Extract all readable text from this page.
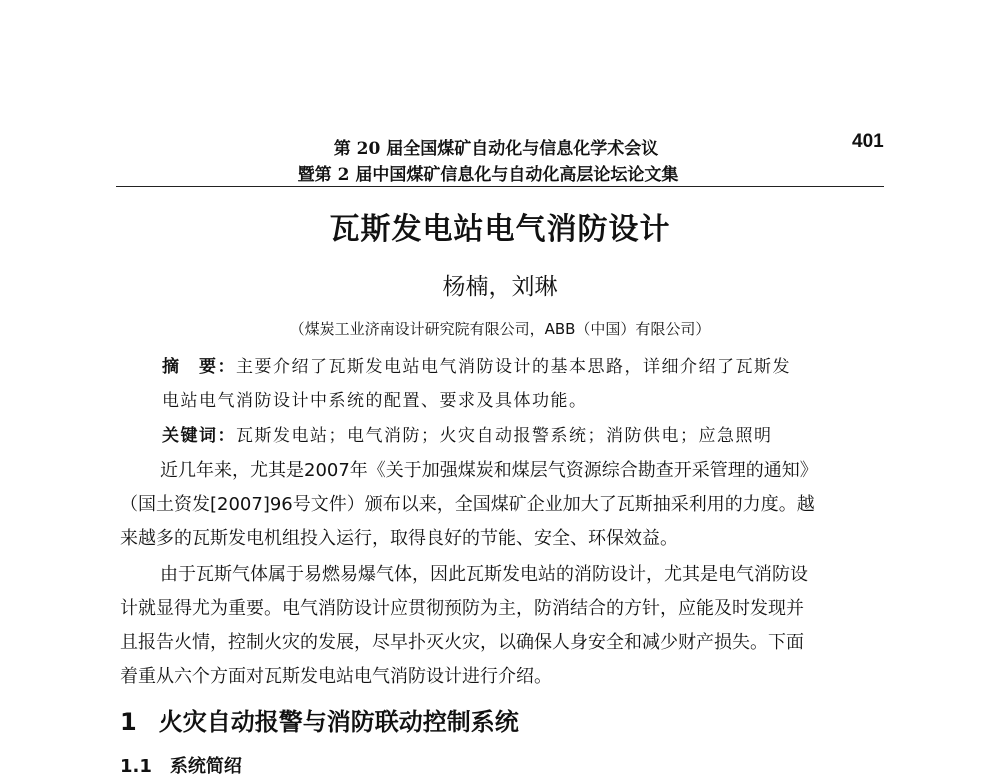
第 20 届全国煤矿自动化与信息化学术会议
暨第 2 届中国煤矿信息化与自动化高层论坛论文集
401
瓦斯发电站电气消防设计
杨楠，刘琳
（煤炭工业济南设计研究院有限公司，ABB（中国）有限公司）
摘　要：主要介绍了瓦斯发电站电气消防设计的基本思路，详细介绍了瓦斯发
电站电气消防设计中系统的配置、要求及具体功能。
关键词：瓦斯发电站；电气消防；火灾自动报警系统；消防供电；应急照明
近几年来，尤其是2007年《关于加强煤炭和煤层气资源综合勘查开采管理的通知》
（国土资发[2007]96号文件）颁布以来，全国煤矿企业加大了瓦斯抽采利用的力度。越
来越多的瓦斯发电机组投入运行，取得良好的节能、安全、环保效益。
由于瓦斯气体属于易燃易爆气体，因此瓦斯发电站的消防设计，尤其是电气消防设
计就显得尤为重要。电气消防设计应贯彻预防为主，防消结合的方针，应能及时发现并
且报告火情，控制火灾的发展，尽早扑灭火灾，以确保人身安全和减少财产损失。下面
着重从六个方面对瓦斯发电站电气消防设计进行介绍。
1 火灾自动报警与消防联动控制系统
1.1　系统简绍
